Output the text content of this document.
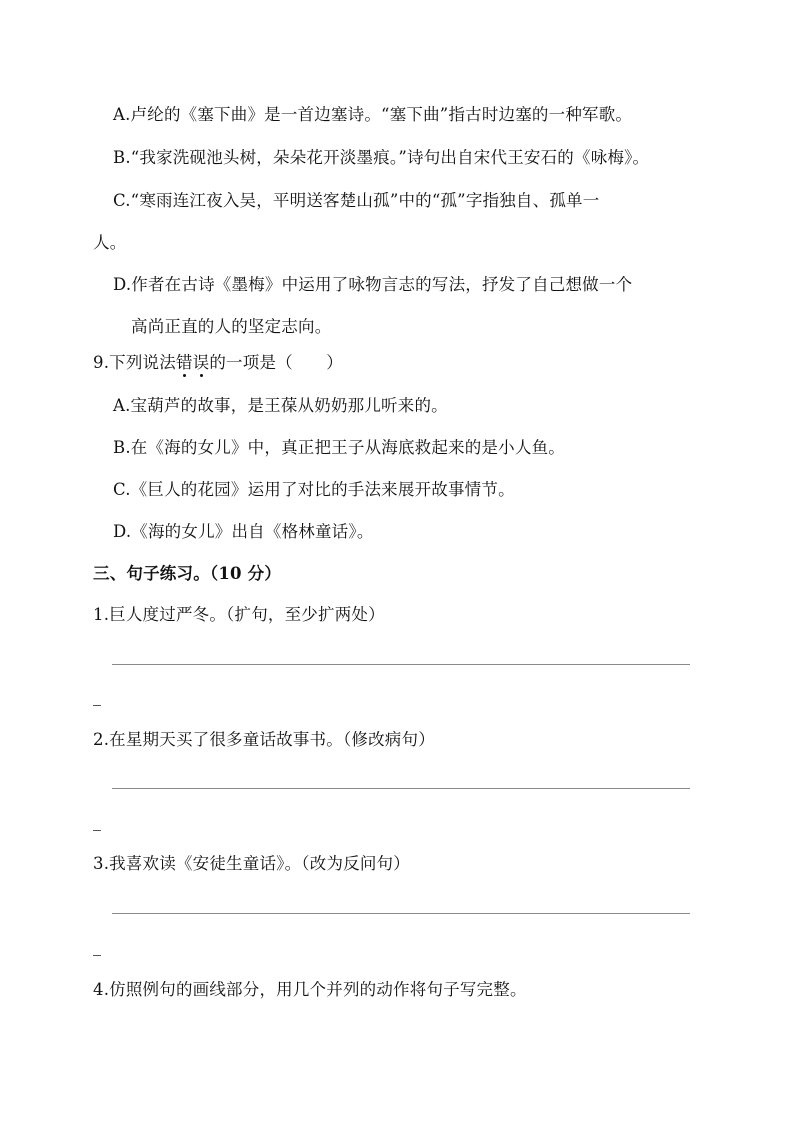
A.卢纶的《塞下曲》是一首边塞诗。“塞下曲”指古时边塞的一种军歌。
B.“我家洗砚池头树，朵朵花开淡墨痕。”诗句出自宋代王安石的《咏梅》。
C.“寒雨连江夜入吴，平明送客楚山孤”中的“孤”字指独自、孤单一
人。
D.作者在古诗《墨梅》中运用了咏物言志的写法，抒发了自己想做一个
高尚正直的人的坚定志向。
9.下列说法错误的一项是（　　）
A.宝葫芦的故事，是王葆从奶奶那儿听来的。
B.在《海的女儿》中，真正把王子从海底救起来的是小人鱼。
C.《巨人的花园》运用了对比的手法来展开故事情节。
D.《海的女儿》出自《格林童话》。
三、句子练习。（10 分）
1.巨人度过严冬。（扩句，至少扩两处）
2.在星期天买了很多童话故事书。（修改病句）
3.我喜欢读《安徒生童话》。（改为反问句）
4.仿照例句的画线部分，用几个并列的动作将句子写完整。
